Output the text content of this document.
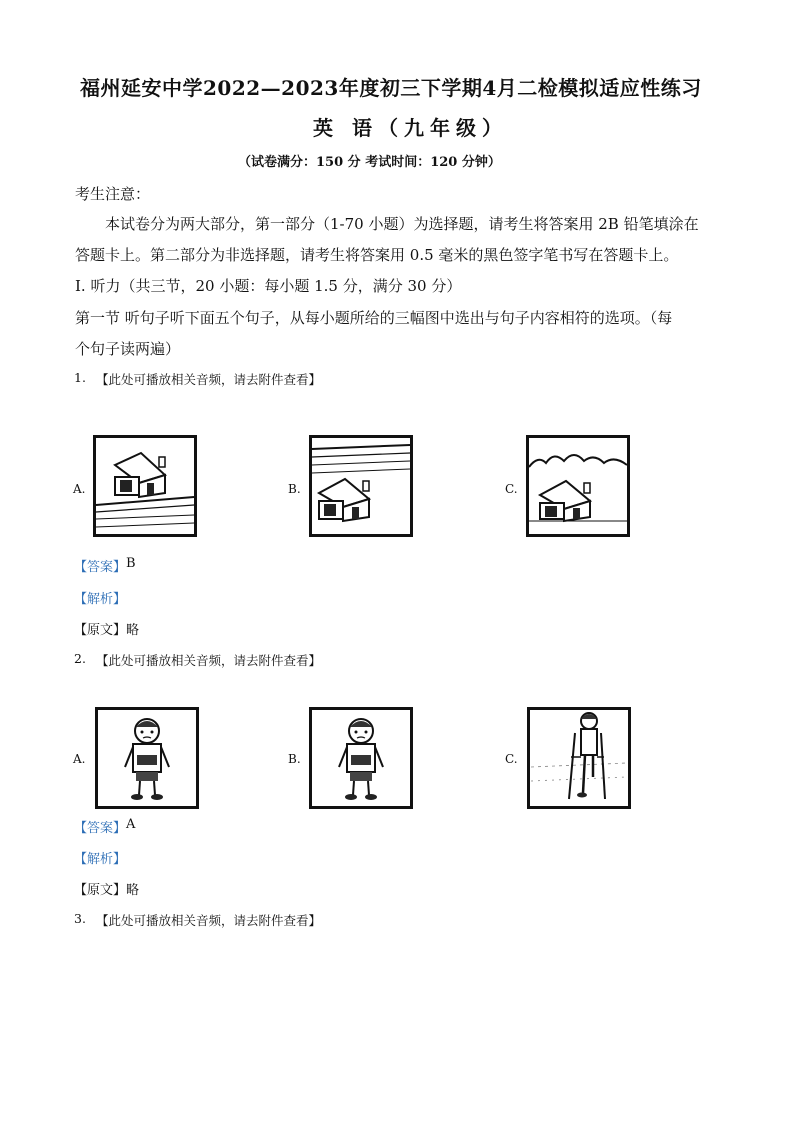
福州延安中学2022—2023年度初三下学期4月二检模拟适应性练习
英 语（九年级）
（试卷满分：150 分 考试时间：120 分钟）
考生注意：
本试卷分为两大部分，第一部分（1-70 小题）为选择题，请考生将答案用 2B 铅笔填涂在
答题卡上。第二部分为非选择题，请考生将答案用 0.5 毫米的黑色签字笔书写在答题卡上。
Ⅰ. 听力（共三节，20 小题：每小题 1.5 分，满分 30 分）
第一节 听句子听下面五个句子，从每小题所给的三幅图中选出与句子内容相符的选项。（每
个句子读两遍）
1. 【此处可播放相关音频，请去附件查看】
A.	B.	C.
【答案】 B
【解析】
【原文】 略
2. 【此处可播放相关音频，请去附件查看】
A.	B.	C.
【答案】 A
【解析】
【原文】 略
3. 【此处可播放相关音频，请去附件查看】
